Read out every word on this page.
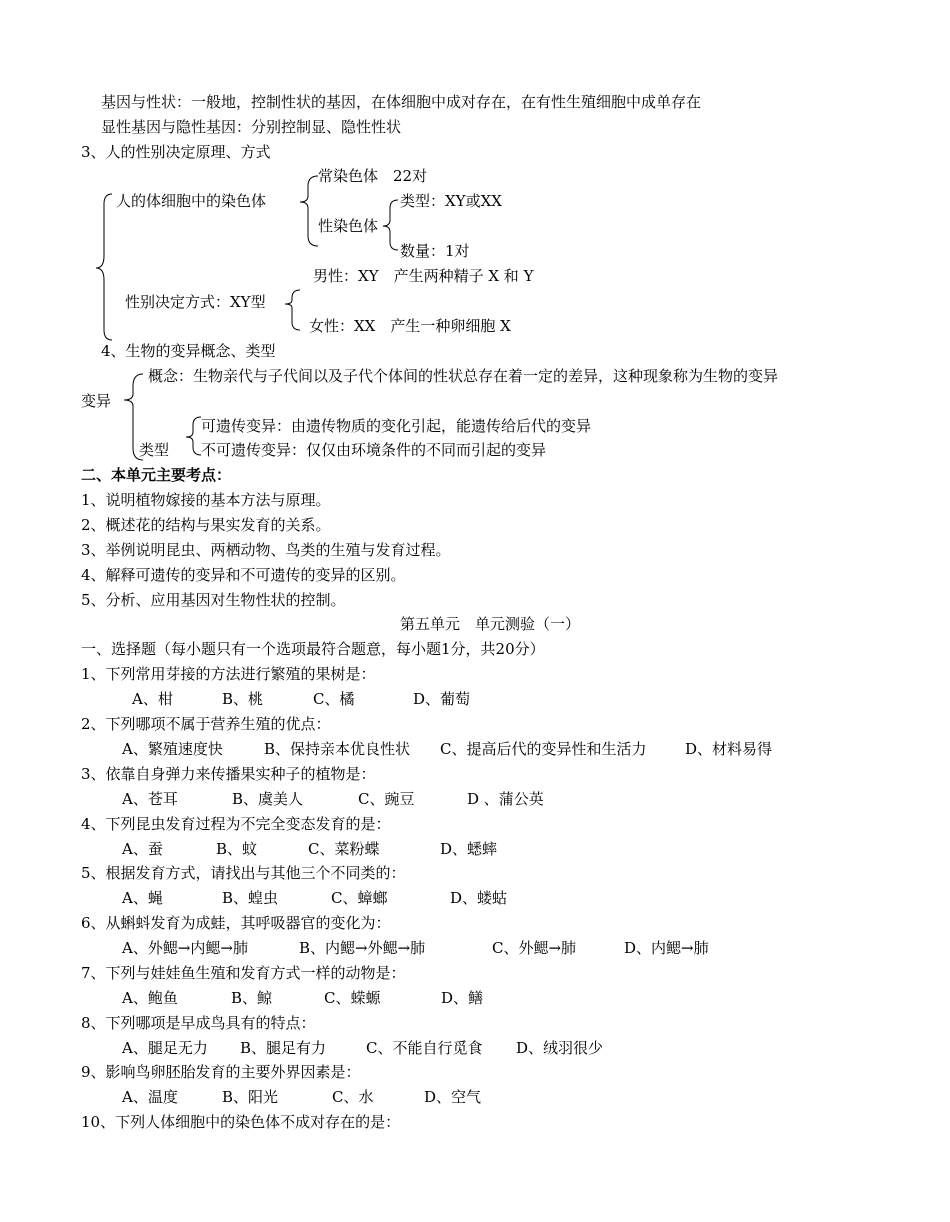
基因与性状：一般地，控制性状的基因，在体细胞中成对存在，在有性生殖细胞中成单存在
显性基因与隐性基因：分别控制显、隐性性状
3、人的性别决定原理、方式
常染色体　22对
人的体细胞中的染色体	类型：XY或XX
性染色体
数量：1对
男性：XY　产生两种精子 X 和 Y
性别决定方式：XY型
女性：XX　产生一种卵细胞 X
4、生物的变异概念、类型
概念：生物亲代与子代间以及子代个体间的性状总存在着一定的差异，这种现象称为生物的变异
变异
可遗传变异：由遗传物质的变化引起，能遗传给后代的变异
类型 不可遗传变异：仅仅由环境条件的不同而引起的变异
二、本单元主要考点：
1、说明植物嫁接的基本方法与原理。
2、概述花的结构与果实发育的关系。
3、举例说明昆虫、两栖动物、鸟类的生殖与发育过程。
4、解释可遗传的变异和不可遗传的变异的区别。
5、分析、应用基因对生物性状的控制。
第五单元　单元测验（一）
一、选择题（每小题只有一个选项最符合题意，每小题1分，共20分）
1、下列常用芽接的方法进行繁殖的果树是：
A、柑	B、桃	C、橘	D、葡萄
2、下列哪项不属于营养生殖的优点：
A、繁殖速度快	B、保持亲本优良性状 C、提高后代的变异性和生活力	D、材料易得
3、依靠自身弹力来传播果实种子的植物是：
A、苍耳	B、虞美人	C、豌豆	D 、蒲公英
4、下列昆虫发育过程为不完全变态发育的是：
A、蚕	B、蚊	C、菜粉蝶	D、蟋蟀
5、根据发育方式，请找出与其他三个不同类的：
A、蝇	B、蝗虫	C、蟑螂	D、蝼蛄
6、从蝌蚪发育为成蛙，其呼吸器官的变化为：
A、外鳃→内鳃→肺	B、内鳃→外鳃→肺	C、外鳃→肺	D、内鳃→肺
7、下列与娃娃鱼生殖和发育方式一样的动物是：
A、鲍鱼	B、鲸	C、蝾螈	D、鳝
8、下列哪项是早成鸟具有的特点：
A、腿足无力 B、腿足有力	C、不能自行觅食 D、绒羽很少
9、影响鸟卵胚胎发育的主要外界因素是：
A、温度	B、阳光	C、水	D、空气
10、下列人体细胞中的染色体不成对存在的是：
